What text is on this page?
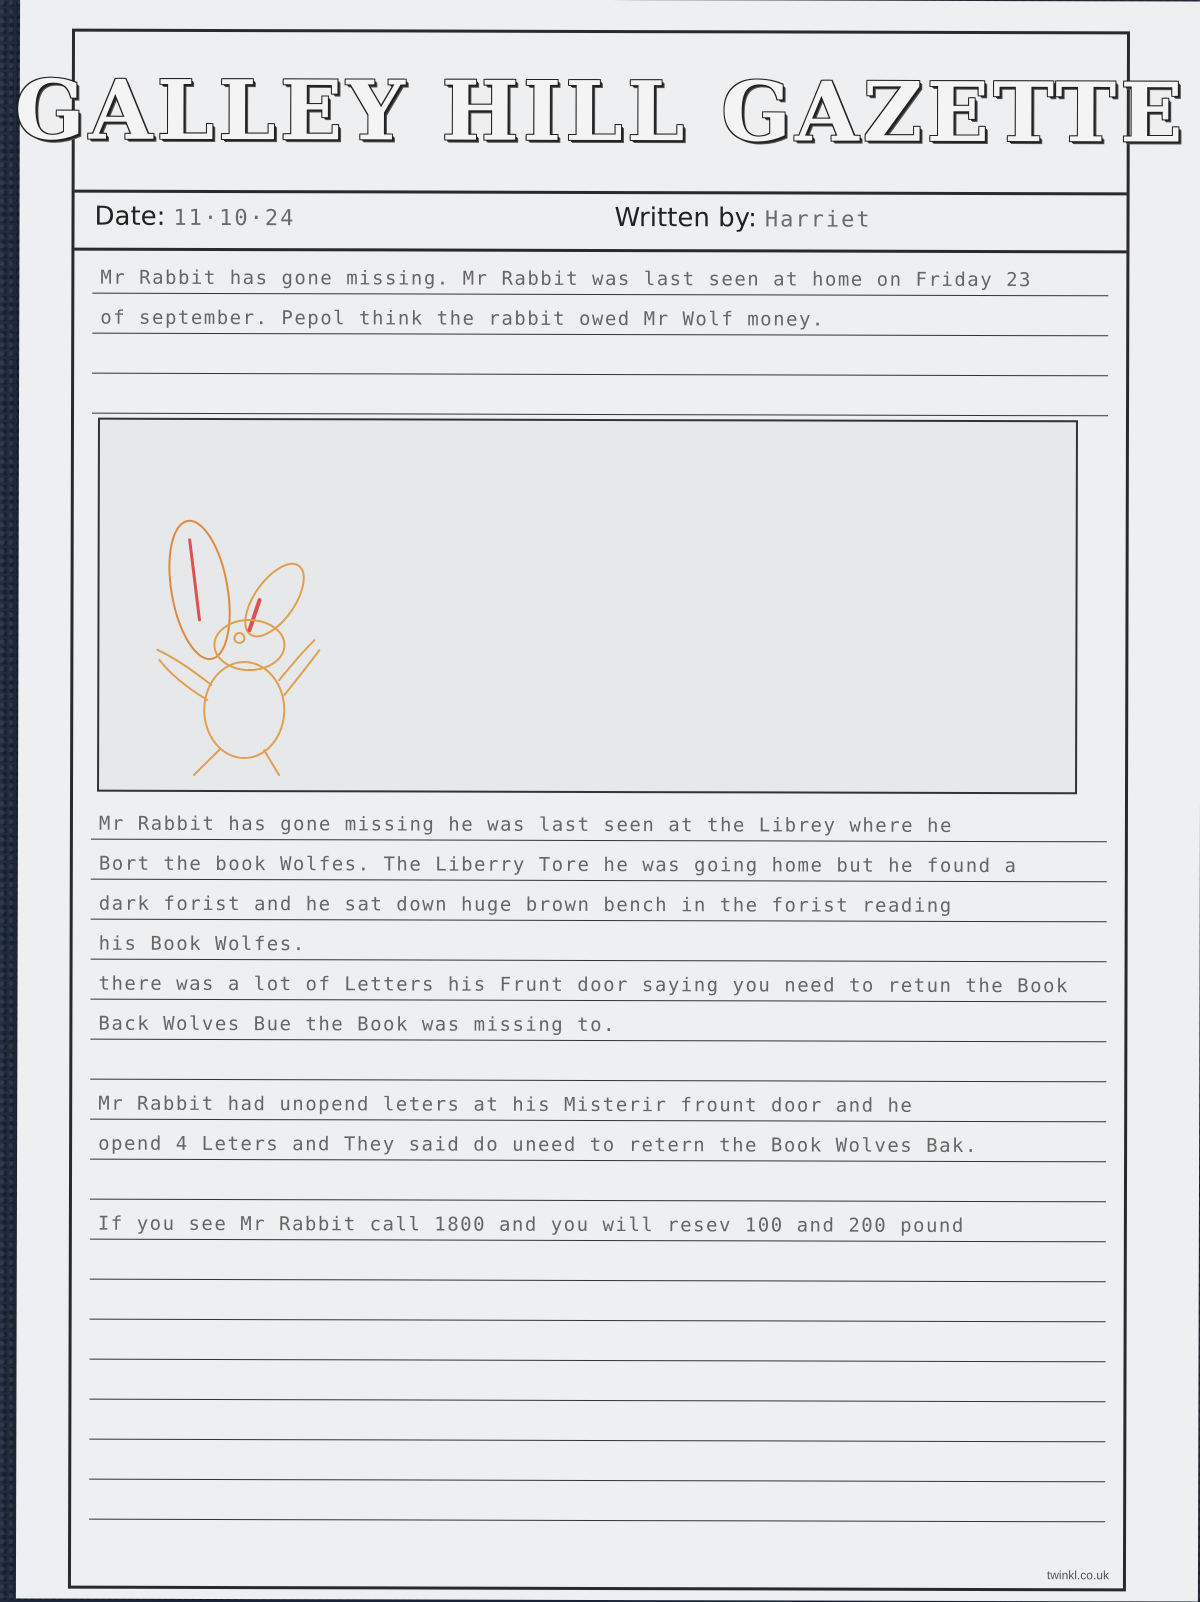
GALLEY HILL GAZETTE
Date: 11·10·24	Written by: Harriet
Mr Rabbit has gone missing. Mr Rabbit was last seen at home on Friday 23
of september. Pepol think the rabbit owed Mr Wolf money.
Mr Rabbit has gone missing he was last seen at the Librey where he
Bort the book Wolfes. The Liberry Tore he was going home but he found a
dark forist and he sat down huge brown bench in the forist reading
his Book Wolfes.
there was a lot of Letters his Frunt door saying you need to retun the Book
Back Wolves Bue the Book was missing to.
Mr Rabbit had unopend leters at his Misterir frount door and he
opend 4 Leters and They said do uneed to retern the Book Wolves Bak.
If you see Mr Rabbit call 1800 and you will resev 100 and 200 pound
twinkl.co.uk
